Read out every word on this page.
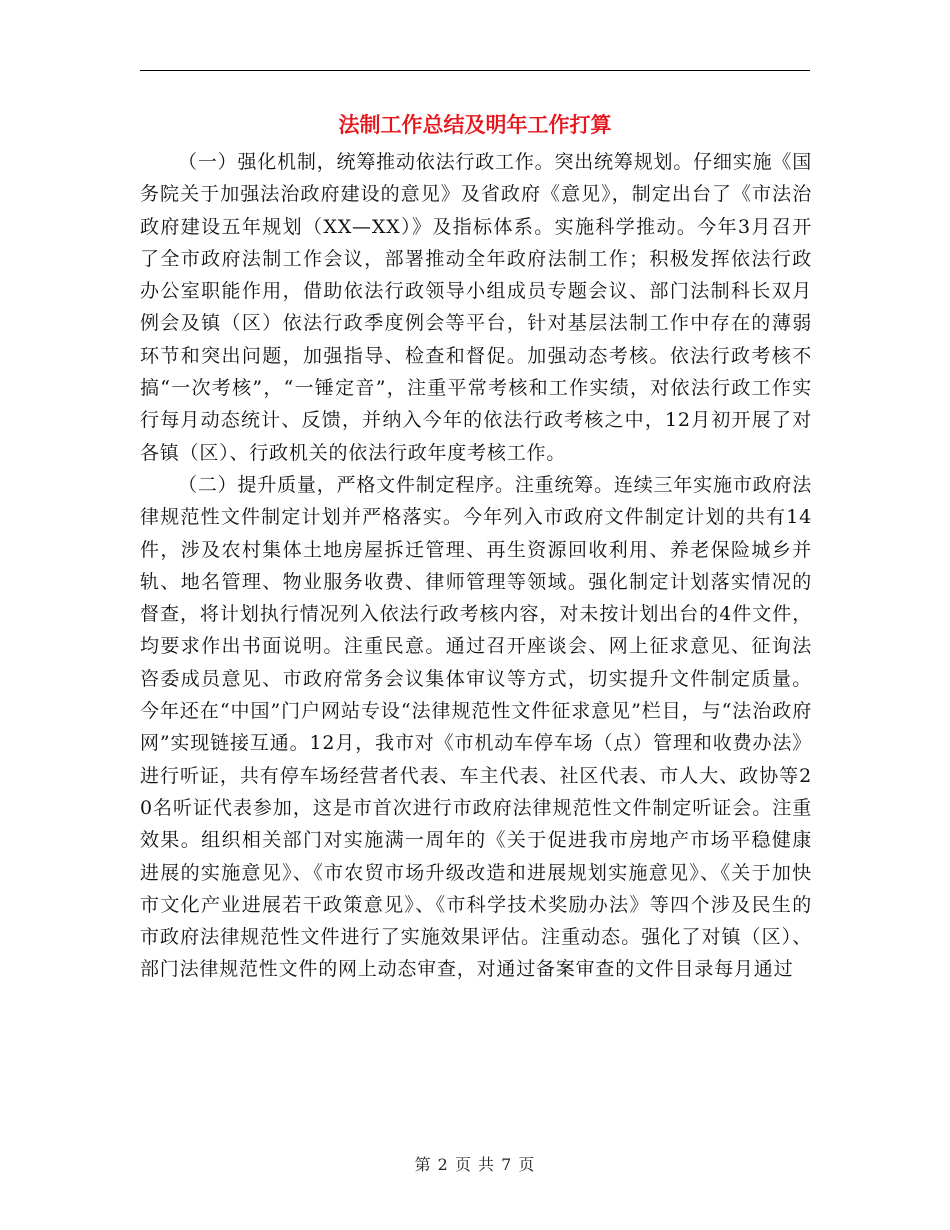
法制工作总结及明年工作打算

（一）强化机制，统筹推动依法行政工作。突出统筹规划。仔细实施《国务院关于加强法治政府建设的意见》及省政府《意见》，制定出台了《市法治政府建设五年规划（XX—XX）》及指标体系。实施科学推动。今年3月召开了全市政府法制工作会议，部署推动全年政府法制工作；积极发挥依法行政办公室职能作用，借助依法行政领导小组成员专题会议、部门法制科长双月例会及镇（区）依法行政季度例会等平台，针对基层法制工作中存在的薄弱环节和突出问题，加强指导、检查和督促。加强动态考核。依法行政考核不搞“一次考核”，“一锤定音”，注重平常考核和工作实绩，对依法行政工作实行每月动态统计、反馈，并纳入今年的依法行政考核之中，12月初开展了对各镇（区）、行政机关的依法行政年度考核工作。

（二）提升质量，严格文件制定程序。注重统筹。连续三年实施市政府法律规范性文件制定计划并严格落实。今年列入市政府文件制定计划的共有14件，涉及农村集体土地房屋拆迁管理、再生资源回收利用、养老保险城乡并轨、地名管理、物业服务收费、律师管理等领域。强化制定计划落实情况的督查，将计划执行情况列入依法行政考核内容，对未按计划出台的4件文件，均要求作出书面说明。注重民意。通过召开座谈会、网上征求意见、征询法咨委成员意见、市政府常务会议集体审议等方式，切实提升文件制定质量。今年还在“中国”门户网站专设“法律规范性文件征求意见”栏目，与“法治政府网”实现链接互通。12月，我市对《市机动车停车场（点）管理和收费办法》进行听证，共有停车场经营者代表、车主代表、社区代表、市人大、政协等20名听证代表参加，这是市首次进行市政府法律规范性文件制定听证会。注重效果。组织相关部门对实施满一周年的《关于促进我市房地产市场平稳健康进展的实施意见》、《市农贸市场升级改造和进展规划实施意见》、《关于加快市文化产业进展若干政策意见》、《市科学技术奖励办法》等四个涉及民生的市政府法律规范性文件进行了实施效果评估。注重动态。强化了对镇（区）、部门法律规范性文件的网上动态审查，对通过备案审查的文件目录每月通过

第 2 页 共 7 页
